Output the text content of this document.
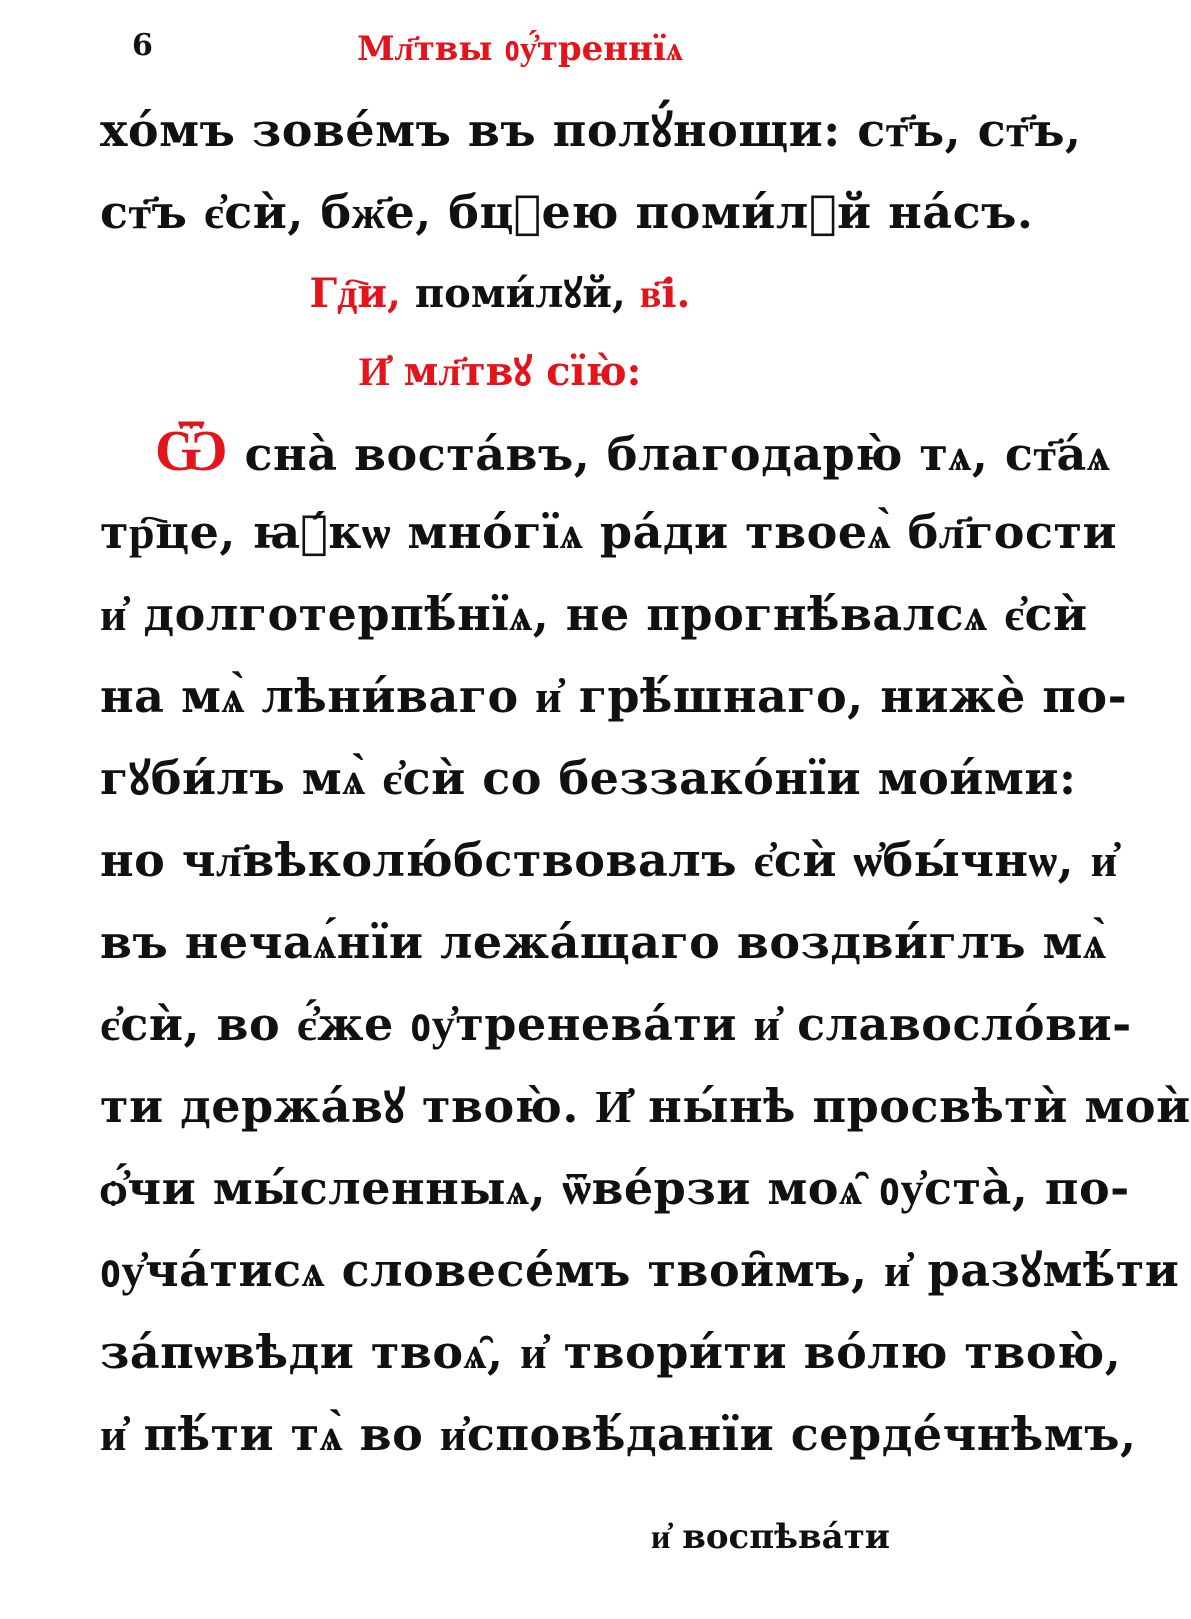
6	Мл҃твы ᲂу҆́треннїѧ
хо́мъ зове́мъ въ полꙋ́нощи: ст҃ъ, ст҃ъ,
ст҃ъ є҆сѝ, бж҃е, бцⷣею поми́лꙋй на́съ.
Гд҇и, поми́лꙋй, в҃і.
И҆ мл҃твꙋ сїю̀:
Ѿ сна̀ воста́въ, благодарю̀ тѧ, ст҃а́ѧ
тр҇це, ꙗ҆́кѡ мно́гїѧ ра́ди твоеѧ̀ бл҃гости
и҆ долготерпѣ́нїѧ, не прогнѣ́валсѧ є҆сѝ
на мѧ̀ лѣни́ваго и҆ грѣ́шнаго, нижѐ по-
гꙋби́лъ мѧ̀ є҆сѝ со беззако́нїи мои́ми:
но чл҃вѣколю́бствовалъ є҆сѝ ѡ҆бы́чнѡ, и҆
въ нечаѧ́нїи лежа́щаго воздви́глъ мѧ̀
є҆сѝ, во є҆́же ᲂу҆тренева́ти и҆ славосло́ви-
ти держа́вꙋ твою̀. И҆ ны́нѣ просвѣтѝ моѝ
ѻ҆́чи мы́сленныѧ, ѿве́рзи моѧ̑ ᲂу҆ста̀, по-
ᲂу҆ча́тисѧ словесе́мъ твои̑мъ, и҆ разꙋмѣ́ти
за́пѡвѣди твоѧ̑, и҆ твори́ти во́лю твою̀,
и҆ пѣ́ти тѧ̀ во и҆сповѣ́данїи серде́чнѣмъ,
и҆ воспѣва́ти
